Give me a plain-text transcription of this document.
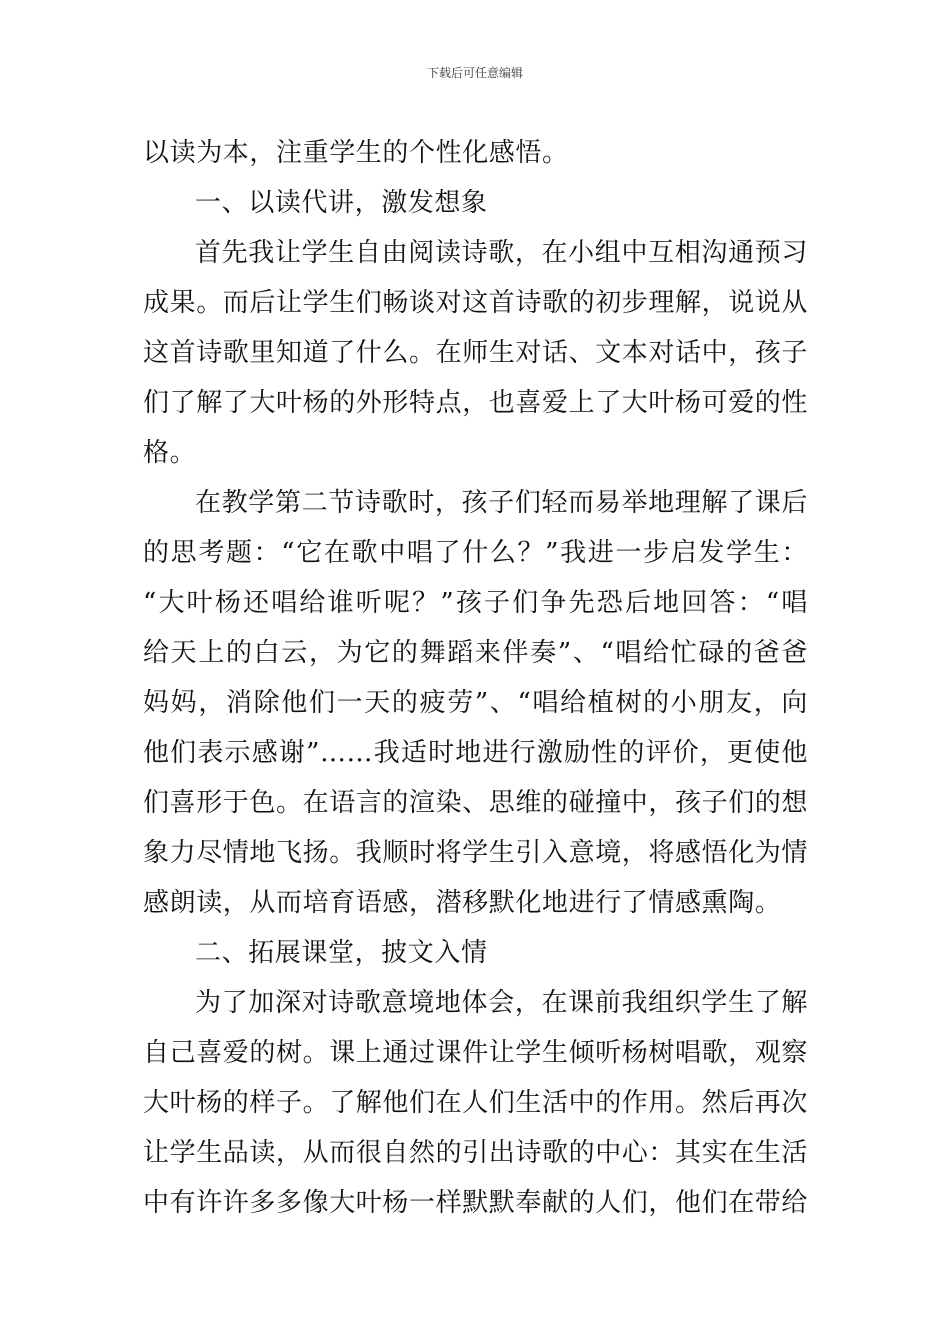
下载后可任意编辑
以读为本，注重学生的个性化感悟。
一、以读代讲，激发想象
首先我让学生自由阅读诗歌，在小组中互相沟通预习
成果。而后让学生们畅谈对这首诗歌的初步理解，说说从
这首诗歌里知道了什么。在师生对话、文本对话中，孩子
们了解了大叶杨的外形特点，也喜爱上了大叶杨可爱的性
格。
在教学第二节诗歌时，孩子们轻而易举地理解了课后
的思考题：“它在歌中唱了什么？”我进一步启发学生：
“大叶杨还唱给谁听呢？”孩子们争先恐后地回答：“唱
给天上的白云，为它的舞蹈来伴奏”、“唱给忙碌的爸爸
妈妈，消除他们一天的疲劳”、“唱给植树的小朋友，向
他们表示感谢”……我适时地进行激励性的评价，更使他
们喜形于色。在语言的渲染、思维的碰撞中，孩子们的想
象力尽情地飞扬。我顺时将学生引入意境，将感悟化为情
感朗读，从而培育语感，潜移默化地进行了情感熏陶。
二、拓展课堂，披文入情
为了加深对诗歌意境地体会，在课前我组织学生了解
自己喜爱的树。课上通过课件让学生倾听杨树唱歌，观察
大叶杨的样子。了解他们在人们生活中的作用。然后再次
让学生品读，从而很自然的引出诗歌的中心：其实在生活
中有许许多多像大叶杨一样默默奉献的人们，他们在带给
